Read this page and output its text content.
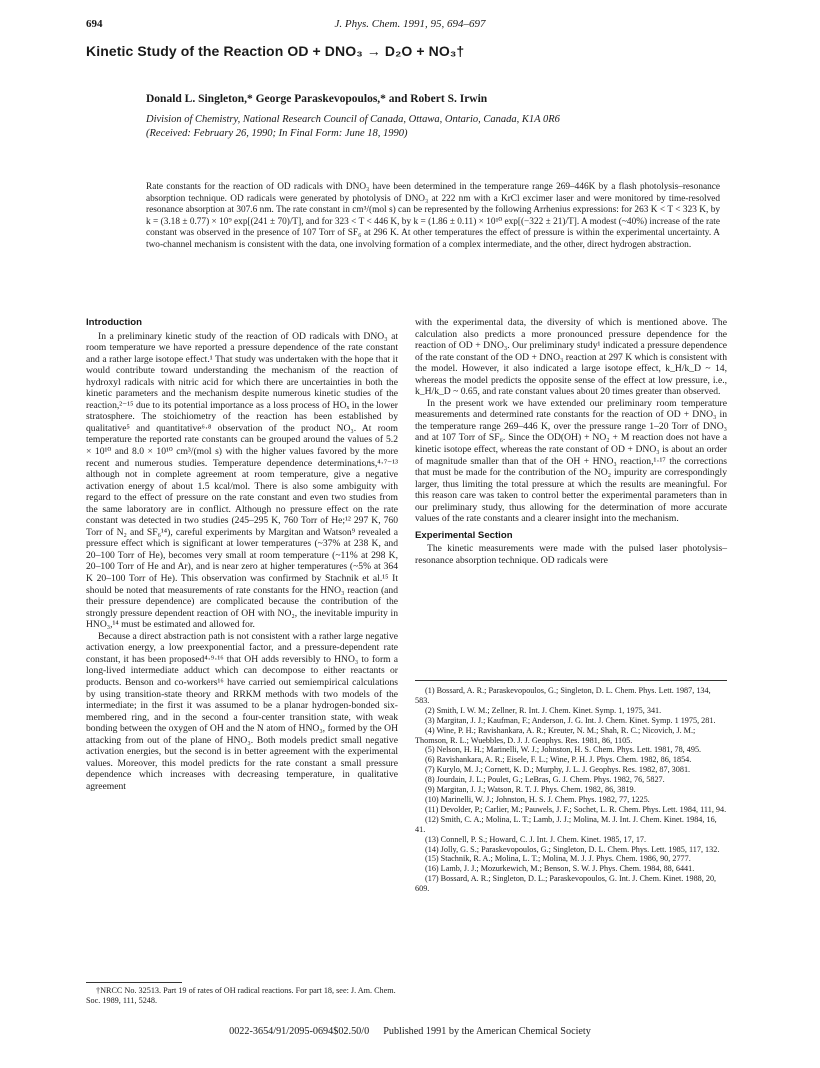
694	J. Phys. Chem. 1991, 95, 694–697
Kinetic Study of the Reaction OD + DNO₃ → D₂O + NO₃†
Donald L. Singleton,* George Paraskevopoulos,* and Robert S. Irwin
Division of Chemistry, National Research Council of Canada, Ottawa, Ontario, Canada, K1A 0R6
(Received: February 26, 1990; In Final Form: June 18, 1990)
Rate constants for the reaction of OD radicals with DNO₃ have been determined in the temperature range 269–446K by a flash photolysis–resonance absorption technique. OD radicals were generated by photolysis of DNO₃ at 222 nm with a KrCl excimer laser and were monitored by time-resolved resonance absorption at 307.6 nm. The rate constant in cm³/(mol s) can be represented by the following Arrhenius expressions: for 263 K < T < 323 K, by k = (3.18 ± 0.77) × 10⁹ exp[(241 ± 70)/T], and for 323 < T < 446 K, by k = (1.86 ± 0.11) × 10¹⁰ exp[(−322 ± 21)/T]. A modest (~40%) increase of the rate constant was observed in the presence of 107 Torr of SF₆ at 296 K. At other temperatures the effect of pressure is within the experimental uncertainty. A two-channel mechanism is consistent with the data, one involving formation of a complex intermediate, and the other, direct hydrogen abstraction.
Introduction

In a preliminary kinetic study of the reaction of OD radicals with DNO₃ at room temperature we have reported a pressure dependence of the rate constant and a rather large isotope effect.¹ That study was undertaken with the hope that it would contribute toward understanding the mechanism of the reaction of hydroxyl radicals with nitric acid for which there are uncertainties in both the kinetic parameters and the mechanism despite numerous kinetic studies of the reaction,²⁻¹⁵ due to its potential importance as a loss process of HOₓ in the lower stratosphere. The stoichiometry of the reaction has been established by qualitative⁵ and quantitative⁶·⁸ observation of the product NO₃. At room temperature the reported rate constants can be grouped around the values of 5.2 × 10¹⁰ and 8.0 × 10¹⁰ cm³/(mol s) with the higher values favored by the more recent and numerous studies. Temperature dependence determinations,⁴·⁷⁻¹³ although not in complete agreement at room temperature, give a negative activation energy of about 1.5 kcal/mol. There is also some ambiguity with regard to the effect of pressure on the rate constant and even two studies from the same laboratory are in conflict. Although no pressure effect on the rate constant was detected in two studies (245–295 K, 760 Torr of He;¹² 297 K, 760 Torr of N₂ and SF₆¹⁴), careful experiments by Margitan and Watson⁹ revealed a pressure effect which is significant at lower temperatures (~37% at 238 K, and 20–100 Torr of He), becomes very small at room temperature (~11% at 298 K, 20–100 Torr of He and Ar), and is near zero at higher temperatures (~5% at 364 K 20–100 Torr of He). This observation was confirmed by Stachnik et al.¹⁵ It should be noted that measurements of rate constants for the HNO₃ reaction (and their pressure dependence) are complicated because the contribution of the strongly pressure dependent reaction of OH with NO₂, the inevitable impurity in HNO₃,¹⁴ must be estimated and allowed for.

Because a direct abstraction path is not consistent with a rather large negative activation energy, a low preexponential factor, and a pressure-dependent rate constant, it has been proposed⁴·⁹·¹⁶ that OH adds reversibly to HNO₃ to form a long-lived intermediate adduct which can decompose to either reactants or products. Benson and co-workers¹⁶ have carried out semiempirical calculations by using transition-state theory and RRKM methods with two models of the intermediate; in the first it was assumed to be a planar hydrogen-bonded six-membered ring, and in the second a four-center transition state, with weak bonding between the oxygen of OH and the N atom of HNO₃, formed by the OH attacking from out of the plane of HNO₃. Both models predict small negative activation energies, but the second is in better agreement with the experimental values. Moreover, this model predicts for the rate constant a small pressure dependence which increases with decreasing temperature, in qualitative agreement

†NRCC No. 32513. Part 19 of rates of OH radical reactions. For part 18, see: J. Am. Chem. Soc. 1989, 111, 5248.

with the experimental data, the diversity of which is mentioned above. The calculation also predicts a more pronounced pressure dependence for the reaction of OD + DNO₃. Our preliminary study¹ indicated a pressure dependence of the rate constant of the OD + DNO₃ reaction at 297 K which is consistent with the model. However, it also indicated a large isotope effect, k_H/k_D ~ 14, whereas the model predicts the opposite sense of the effect at low pressure, i.e., k_H/k_D ~ 0.65, and rate constant values about 20 times greater than observed.

In the present work we have extended our preliminary room temperature measurements and determined rate constants for the reaction of OD + DNO₃ in the temperature range 269–446 K, over the pressure range 1–20 Torr of DNO₃ and at 107 Torr of SF₆. Since the OD(OH) + NO₂ + M reaction does not have a kinetic isotope effect, whereas the rate constant of OD + DNO₃ is about an order of magnitude smaller than that of the OH + HNO₃ reaction,¹·¹⁷ the corrections that must be made for the contribution of the NO₂ impurity are correspondingly larger, thus limiting the total pressure at which the results are meaningful. For this reason care was taken to control better the experimental parameters than in our preliminary study, thus allowing for the determination of more accurate values of the rate constants and a clearer insight into the mechanism.

Experimental Section

The kinetic measurements were made with the pulsed laser photolysis–resonance absorption technique. OD radicals were

(1) Bossard, A. R.; Paraskevopoulos, G.; Singleton, D. L. Chem. Phys. Lett. 1987, 134, 583.
(2) Smith, I. W. M.; Zellner, R. Int. J. Chem. Kinet. Symp. 1, 1975, 341.
(3) Margitan, J. J.; Kaufman, F.; Anderson, J. G. Int. J. Chem. Kinet. Symp. 1 1975, 281.
(4) Wine, P. H.; Ravishankara, A. R.; Kreuter, N. M.; Shah, R. C.; Nicovich, J. M.; Thomson, R. L.; Wuebbles, D. J. J. Geophys. Res. 1981, 86, 1105.
(5) Nelson, H. H.; Marinelli, W. J.; Johnston, H. S. Chem. Phys. Lett. 1981, 78, 495.
(6) Ravishankara, A. R.; Eisele, F. L.; Wine, P. H. J. Phys. Chem. 1982, 86, 1854.
(7) Kurylo, M. J.; Cornett, K. D.; Murphy, J. L. J. Geophys. Res. 1982, 87, 3081.
(8) Jourdain, J. L.; Poulet, G.; LeBras, G. J. Chem. Phys. 1982, 76, 5827.
(9) Margitan, J. J.; Watson, R. T. J. Phys. Chem. 1982, 86, 3819.
(10) Marinelli, W. J.; Johnston, H. S. J. Chem. Phys. 1982, 77, 1225.
(11) Devolder, P.; Carlier, M.; Pauwels, J. F.; Sochet, L. R. Chem. Phys. Lett. 1984, 111, 94.
(12) Smith, C. A.; Molina, L. T.; Lamb, J. J.; Molina, M. J. Int. J. Chem. Kinet. 1984, 16, 41.
(13) Connell, P. S.; Howard, C. J. Int. J. Chem. Kinet. 1985, 17, 17.
(14) Jolly, G. S.; Paraskevopoulos, G.; Singleton, D. L. Chem. Phys. Lett. 1985, 117, 132.
(15) Stachnik, R. A.; Molina, L. T.; Molina, M. J. J. Phys. Chem. 1986, 90, 2777.
(16) Lamb, J. J.; Mozurkewich, M.; Benson, S. W. J. Phys. Chem. 1984, 88, 6441.
(17) Bossard, A. R.; Singleton, D. L.; Paraskevopoulos, G. Int. J. Chem. Kinet. 1988, 20, 609.
0022-3654/91/2095-0694$02.50/0 Published 1991 by the American Chemical Society
